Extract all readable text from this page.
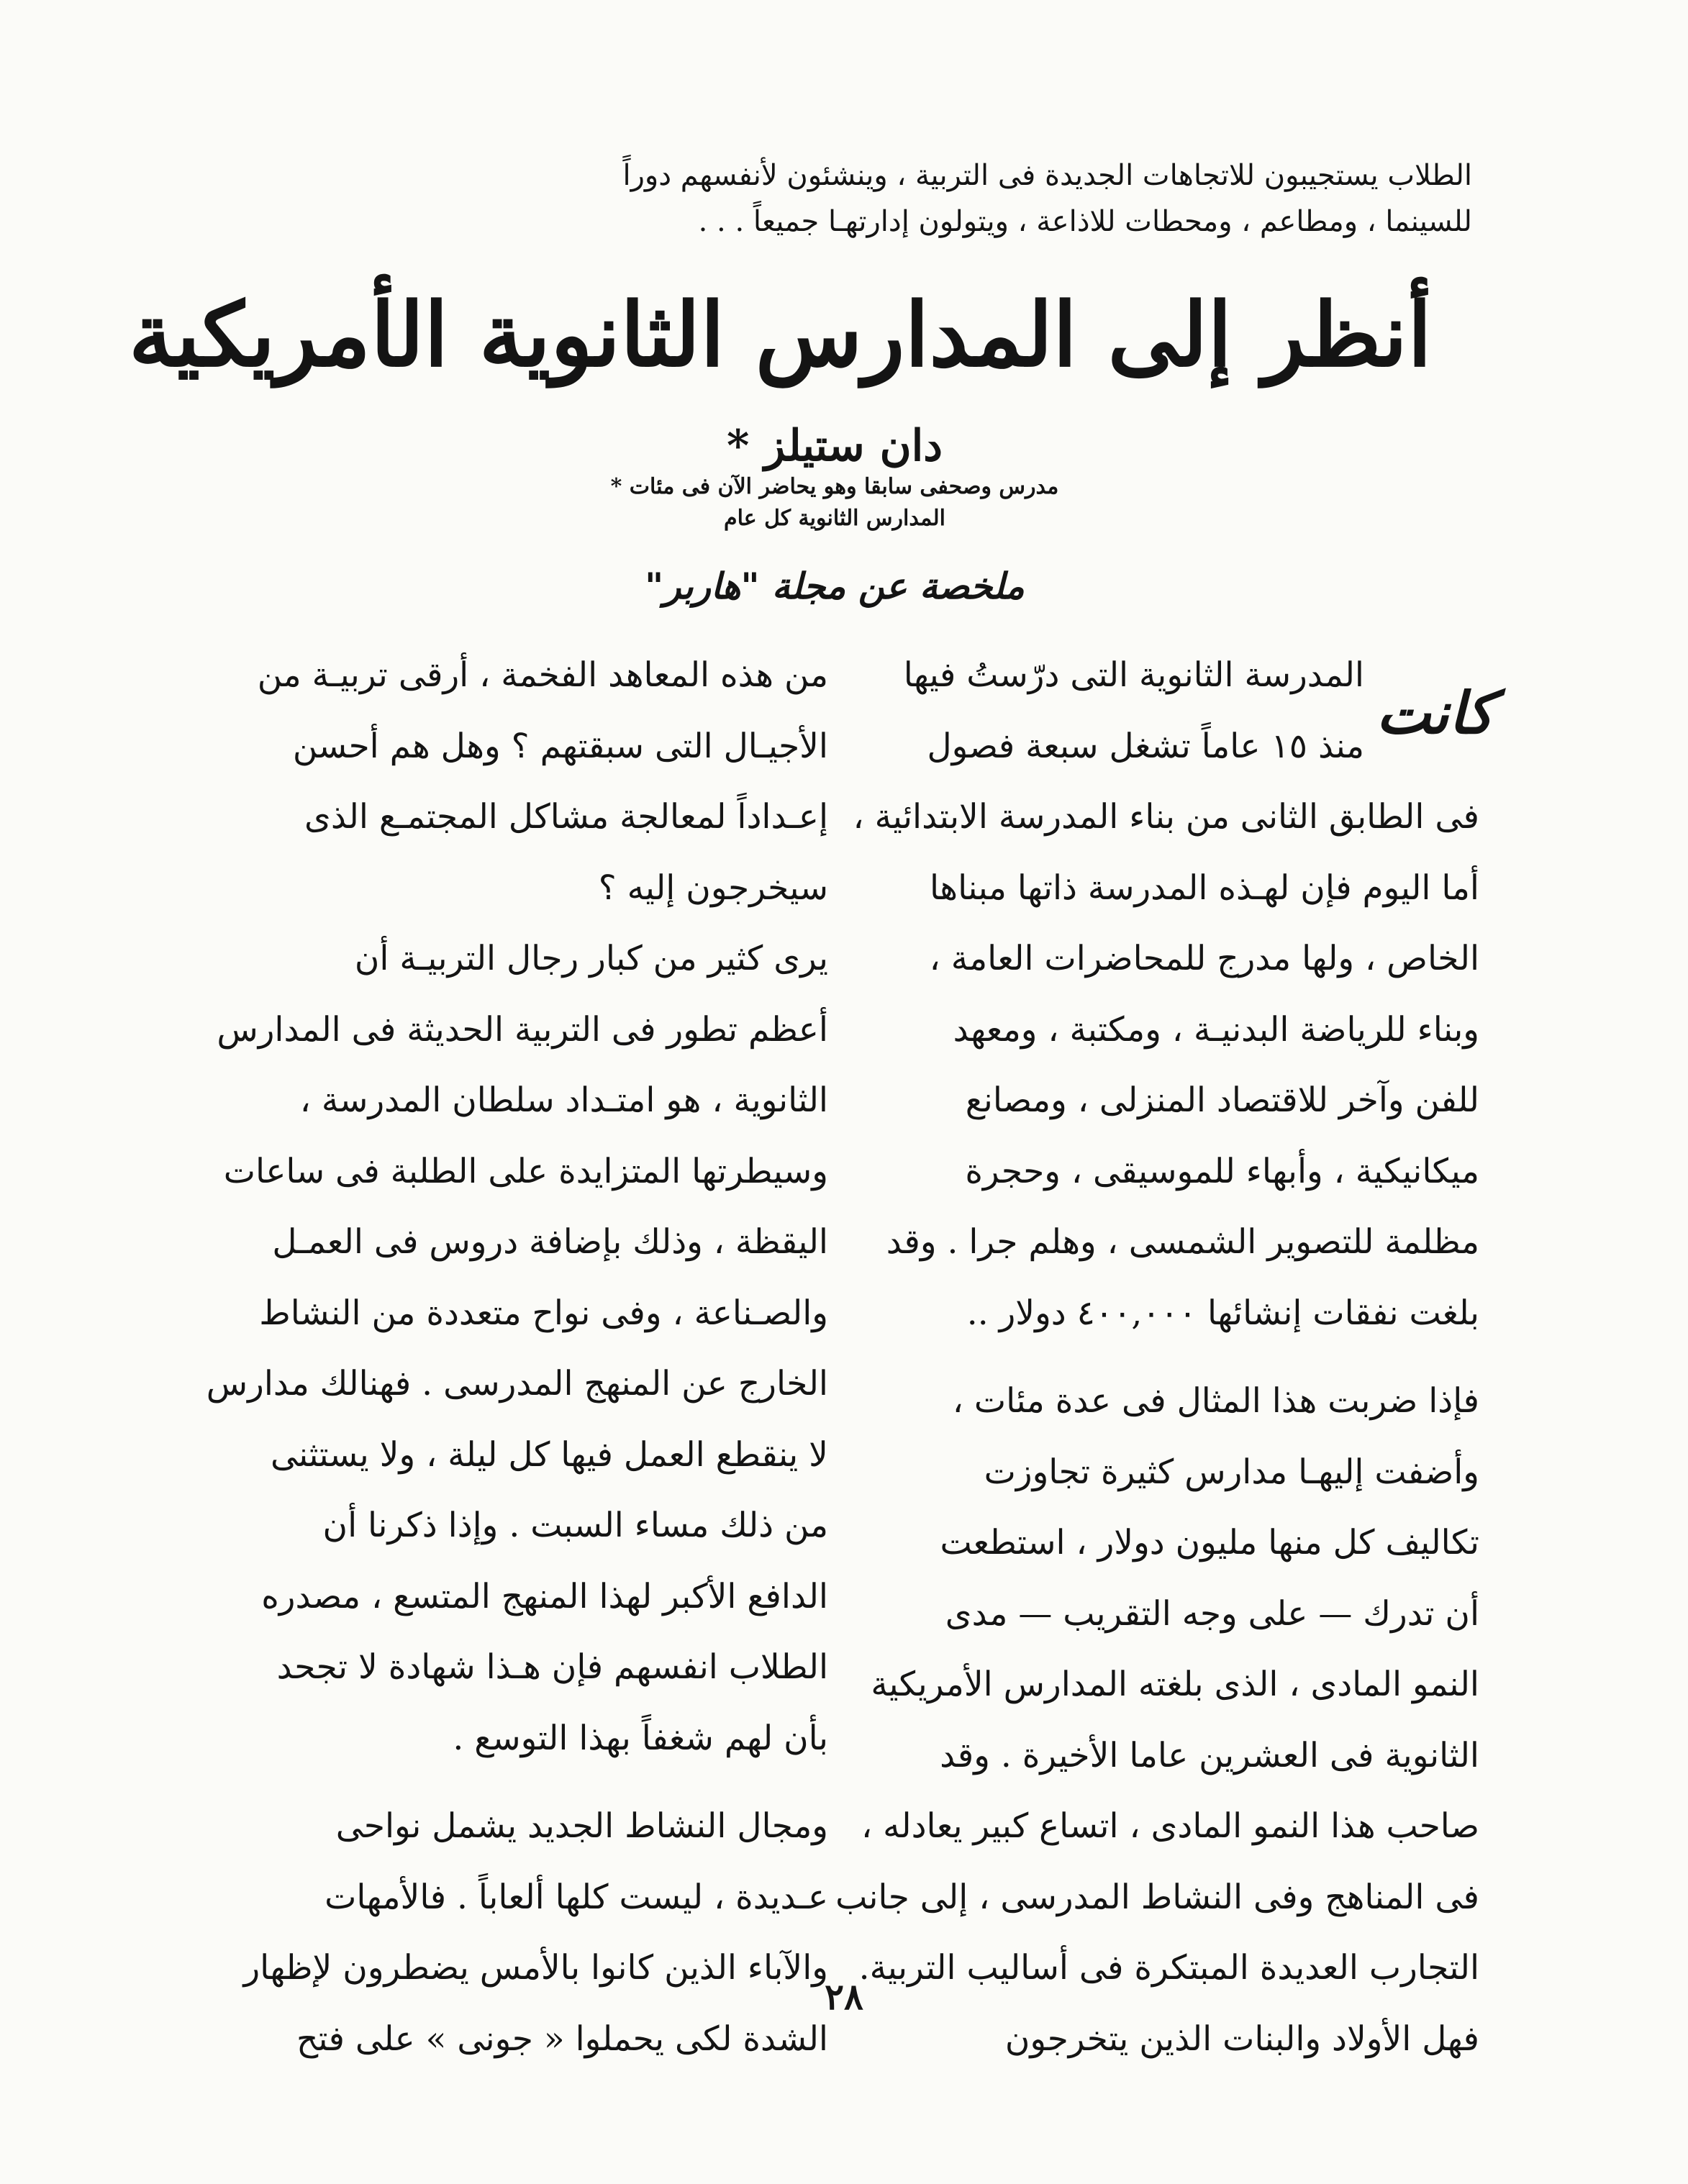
الطلاب يستجيبون للاتجاهات الجديدة فى التربية ، وينشئون لأنفسهم دوراً
للسينما ، ومطاعم ، ومحطات للاذاعة ، ويتولون إدارتهـا جميعاً . . .
أنظر إلى المدارس الثانوية الأمريكية
دان ستيلز *
مدرس وصحفى سابقا وهو يحاضر الآن فى مئات *
المدارس الثانوية كل عام
ملخصة عن مجلة "هاربر"
كانت
المدرسة الثانوية التى درّستُ فيها
منذ ١٥ عاماً تشغل سبعة فصول
فى الطابق الثانى من بناء المدرسة الابتدائية ،
أما اليوم فإن لهـذه المدرسة ذاتها مبناها
الخاص ، ولها مدرج للمحاضرات العامة ،
وبناء للرياضة البدنيـة ، ومكتبة ، ومعهد
للفن وآخر للاقتصاد المنزلى ، ومصانع
ميكانيكية ، وأبهاء للموسيقى ، وحجرة
مظلمة للتصوير الشمسى ، وهلم جرا . وقد
بلغت نفقات إنشائها ٤٠٠,٠٠٠ دولار ..
فإذا ضربت هذا المثال فى عدة مئات ،
وأضفت إليهـا مدارس كثيرة تجاوزت
تكاليف كل منها مليون دولار ، استطعت
أن تدرك — على وجه التقريب — مدى
النمو المادى ، الذى بلغته المدارس الأمريكية
الثانوية فى العشرين عاما الأخيرة . وقد
صاحب هذا النمو المادى ، اتساع كبير يعادله ،
فى المناهج وفى النشاط المدرسى ، إلى جانب
التجارب العديدة المبتكرة فى أساليب التربية.
فهل الأولاد والبنات الذين يتخرجون
من هذه المعاهد الفخمة ، أرقى تربيـة من
الأجيـال التى سبقتهم ؟ وهل هم أحسن
إعـداداً لمعالجة مشاكل المجتمـع الذى
سيخرجون إليه ؟
يرى كثير من كبار رجال التربيـة أن
أعظم تطور فى التربية الحديثة فى المدارس
الثانوية ، هو امتـداد سلطان المدرسة ،
وسيطرتها المتزايدة على الطلبة فى ساعات
اليقظة ، وذلك بإضافة دروس فى العمـل
والصـناعة ، وفى نواح متعددة من النشاط
الخارج عن المنهج المدرسى . فهنالك مدارس
لا ينقطع العمل فيها كل ليلة ، ولا يستثنى
من ذلك مساء السبت . وإذا ذكرنا أن
الدافع الأكبر لهذا المنهج المتسع ، مصدره
الطلاب انفسهم فإن هـذا شهادة لا تجحد
بأن لهم شغفاً بهذا التوسع .
ومجال النشاط الجديد يشمل نواحى
عـديدة ، ليست كلها ألعاباً . فالأمهات
والآباء الذين كانوا بالأمس يضطرون لإظهار
الشدة لكى يحملوا « جونى » على فتح
٢٨
